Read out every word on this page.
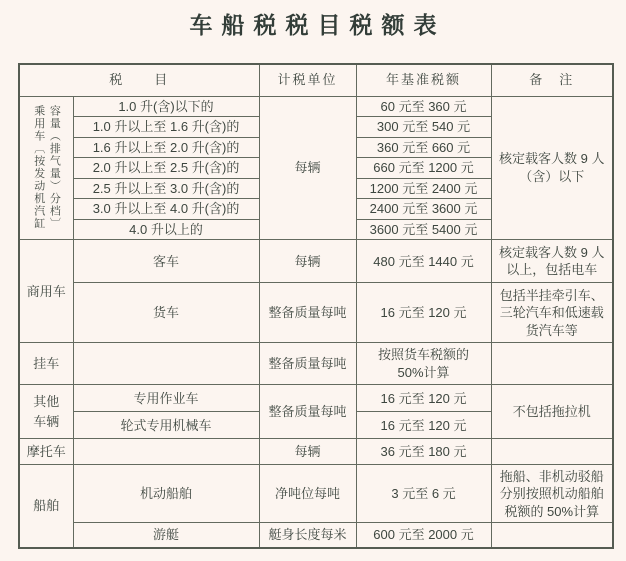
车船税税目税额表
税　　目		计税单位	年基准税额	备　注

乘用车〔按发动机汽缸 容量（排气量）分档〕	1.0 升(含)以下的	每辆	60 元至 360 元	核定载客人数 9 人（含）以下
	1.0 升以上至 1.6 升(含)的		300 元至 540 元	
	1.6 升以上至 2.0 升(含)的		360 元至 660 元	
	2.0 升以上至 2.5 升(含)的		660 元至 1200 元	
	2.5 升以上至 3.0 升(含)的		1200 元至 2400 元	
	3.0 升以上至 4.0 升(含)的		2400 元至 3600 元	
	4.0 升以上的		3600 元至 5400 元	
商用车	客车	每辆	480 元至 1440 元	核定载客人数 9 人以上，包括电车
	货车	整备质量每吨	16 元至 120 元	包括半挂牵引车、三轮汽车和低速载货汽车等
挂车		整备质量每吨	按照货车税额的 50%计算	
其他车辆	专用作业车	整备质量每吨	16 元至 120 元	不包括拖拉机
	轮式专用机械车		16 元至 120 元	
摩托车		每辆	36 元至 180 元	
船舶	机动船舶	净吨位每吨	3 元至 6 元	拖船、非机动驳船分别按照机动船舶税额的 50%计算
	游艇	艇身长度每米	600 元至 2000 元	
